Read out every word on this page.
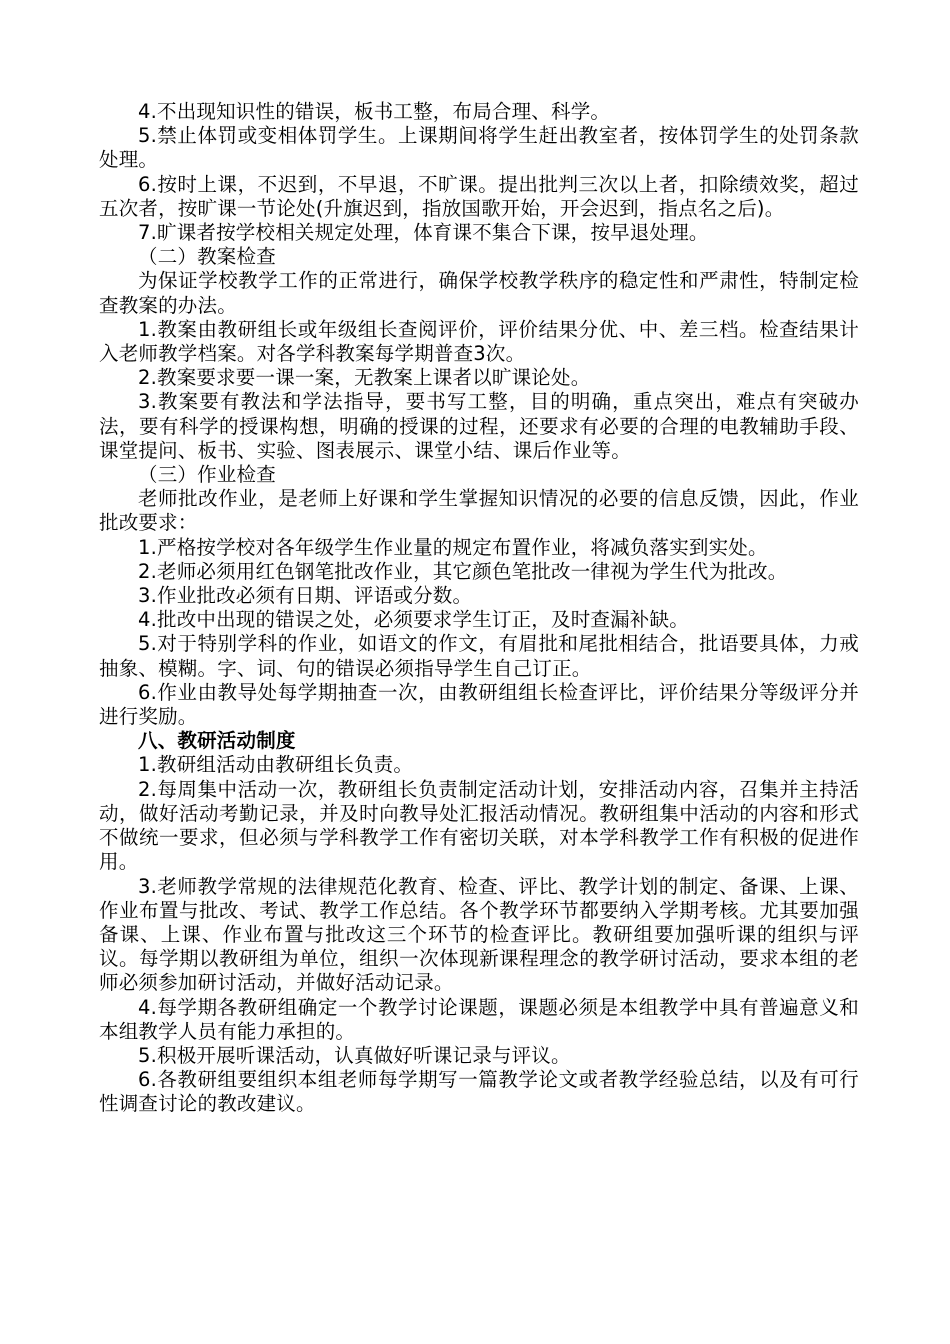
4.不出现知识性的错误，板书工整，布局合理、科学。

5.禁止体罚或变相体罚学生。上课期间将学生赶出教室者，按体罚学生的处罚条款处理。

6.按时上课，不迟到，不早退，不旷课。提出批判三次以上者，扣除绩效奖，超过五次者，按旷课一节论处(升旗迟到，指放国歌开始，开会迟到，指点名之后)。

7.旷课者按学校相关规定处理，体育课不集合下课，按早退处理。

（二）教案检查

为保证学校教学工作的正常进行，确保学校教学秩序的稳定性和严肃性，特制定检查教案的办法。

1.教案由教研组长或年级组长查阅评价，评价结果分优、中、差三档。检查结果计入老师教学档案。对各学科教案每学期普查3次。

2.教案要求要一课一案，无教案上课者以旷课论处。

3.教案要有教法和学法指导，要书写工整，目的明确，重点突出，难点有突破办法，要有科学的授课构想，明确的授课的过程，还要求有必要的合理的电教辅助手段、课堂提问、板书、实验、图表展示、课堂小结、课后作业等。

（三）作业检查

老师批改作业，是老师上好课和学生掌握知识情况的必要的信息反馈，因此，作业批改要求：

1.严格按学校对各年级学生作业量的规定布置作业，将减负落实到实处。

2.老师必须用红色钢笔批改作业，其它颜色笔批改一律视为学生代为批改。

3.作业批改必须有日期、评语或分数。

4.批改中出现的错误之处，必须要求学生订正，及时查漏补缺。

5.对于特别学科的作业，如语文的作文，有眉批和尾批相结合，批语要具体，力戒抽象、模糊。字、词、句的错误必须指导学生自己订正。

6.作业由教导处每学期抽查一次，由教研组组长检查评比，评价结果分等级评分并进行奖励。

八、教研活动制度

1.教研组活动由教研组长负责。

2.每周集中活动一次，教研组长负责制定活动计划，安排活动内容，召集并主持活动，做好活动考勤记录，并及时向教导处汇报活动情况。教研组集中活动的内容和形式不做统一要求，但必须与学科教学工作有密切关联，对本学科教学工作有积极的促进作用。

3.老师教学常规的法律规范化教育、检查、评比、教学计划的制定、备课、上课、作业布置与批改、考试、教学工作总结。各个教学环节都要纳入学期考核。尤其要加强备课、上课、作业布置与批改这三个环节的检查评比。教研组要加强听课的组织与评议。每学期以教研组为单位，组织一次体现新课程理念的教学研讨活动，要求本组的老师必须参加研讨活动，并做好活动记录。

4.每学期各教研组确定一个教学讨论课题，课题必须是本组教学中具有普遍意义和本组教学人员有能力承担的。

5.积极开展听课活动，认真做好听课记录与评议。

6.各教研组要组织本组老师每学期写一篇教学论文或者教学经验总结，以及有可行性调查讨论的教改建议。
